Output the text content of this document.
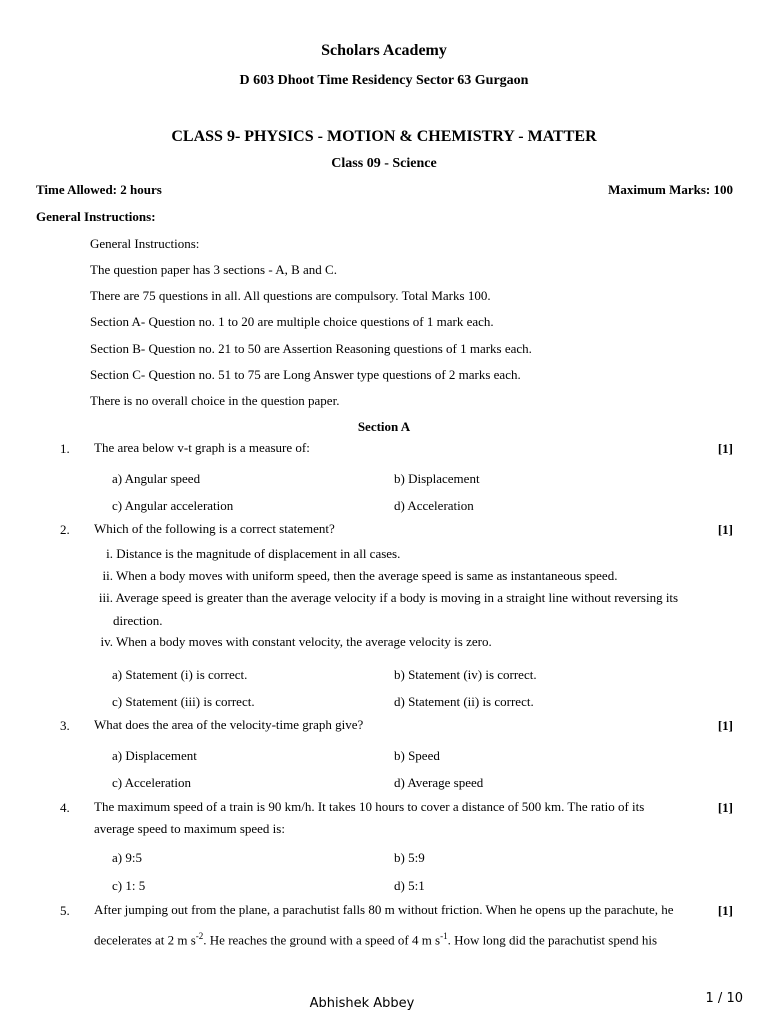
Scholars Academy
D 603 Dhoot Time Residency Sector 63 Gurgaon
CLASS 9- PHYSICS - MOTION & CHEMISTRY - MATTER
Class 09 - Science
Time Allowed: 2 hours	Maximum Marks: 100
General Instructions:
General Instructions:
The question paper has 3 sections - A, B and C.
There are 75 questions in all. All questions are compulsory. Total Marks 100.
Section A- Question no. 1 to 20 are multiple choice questions of 1 mark each.
Section B- Question no. 21 to 50 are Assertion Reasoning questions of 1 marks each.
Section C- Question no. 51 to 75 are Long Answer type questions of 2 marks each.
There is no overall choice in the question paper.
Section A
1. The area below v-t graph is a measure of:	[1]
a) Angular speed	b) Displacement
c) Angular acceleration	d) Acceleration
2. Which of the following is a correct statement?	[1]
i. Distance is the magnitude of displacement in all cases.
ii. When a body moves with uniform speed, then the average speed is same as instantaneous speed.
iii. Average speed is greater than the average velocity if a body is moving in a straight line without reversing its
direction.
iv. When a body moves with constant velocity, the average velocity is zero.
a) Statement (i) is correct.	b) Statement (iv) is correct.
c) Statement (iii) is correct.	d) Statement (ii) is correct.
3. What does the area of the velocity-time graph give?	[1]
a) Displacement	b) Speed
c) Acceleration	d) Average speed
4. The maximum speed of a train is 90 km/h. It takes 10 hours to cover a distance of 500 km. The ratio of its
average speed to maximum speed is:
[1]
a) 9:5	b) 5:9
c) 1: 5	d) 5:1
5. After jumping out from the plane, a parachutist falls 80 m without friction. When he opens up the parachute, he
decelerates at 2 m $s^{-2}$. He reaches the ground with a speed of 4 m $s^{-1}$. How long did the parachutist spend his
[1]
Abhishek Abbey	1 / 10
